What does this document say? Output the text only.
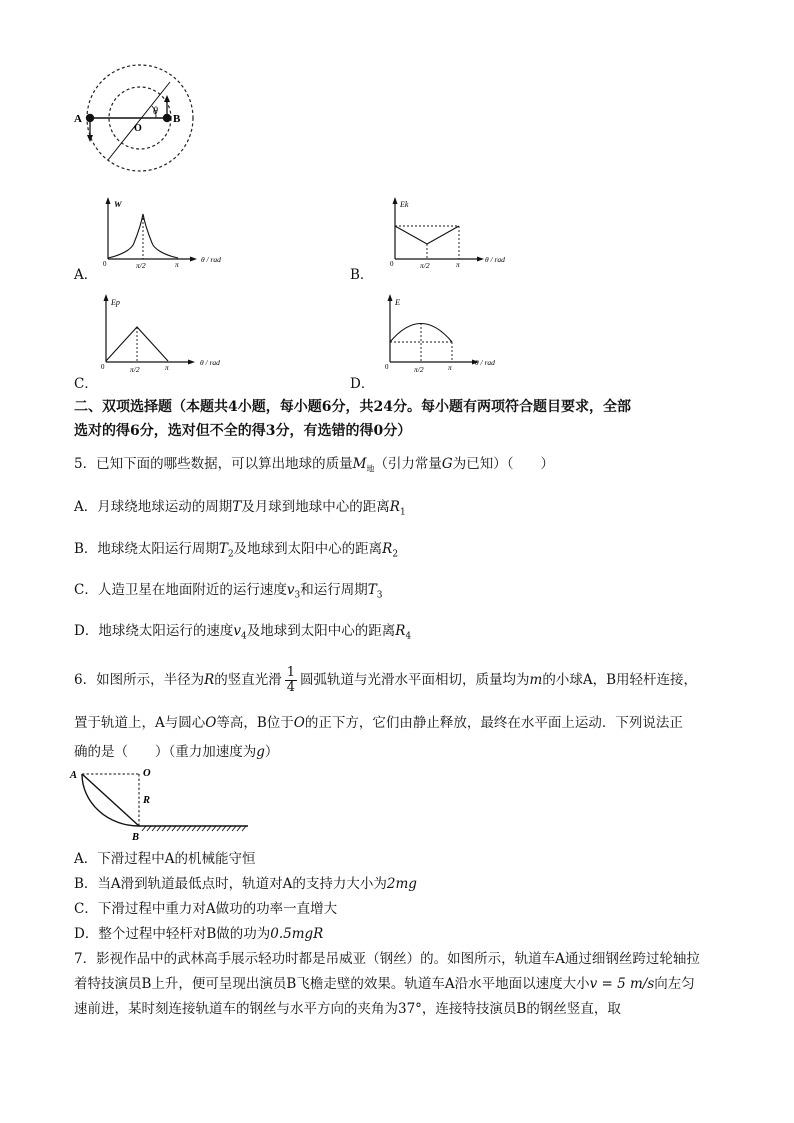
A	B
O
θ
W
0	π/2	π
θ / rad
A．
Ek
0	π/2	π
θ / rad
B．
Ep
0	π/2	π
θ / rad
C．
E
0	π/2	π
θ / rad
D．
二、双项选择题（本题共4小题，每小题6分，共24分。每小题有两项符合题目要求，全部
选对的得6分，选对但不全的得3分，有选错的得0分）
5．已知下面的哪些数据，可以算出地球的质量$M_地$（引力常量G为已知）（　　）
A．月球绕地球运动的周期T及月球到地球中心的距离$R_1$
B．地球绕太阳运行周期$T_2$及地球到太阳中心的距离$R_2$
C．人造卫星在地面附近的运行速度$v_3$和运行周期$T_3$
D．地球绕太阳运行的速度$v_4$及地球到太阳中心的距离$R_4$
6．如图所示，半径为R的竖直光滑 $\frac{1}{4}$ 圆弧轨道与光滑水平面相切，质量均为m的小球A，B用轻杆连接，
置于轨道上，A与圆心O等高，B位于O的正下方，它们由静止释放，最终在水平面上运动．下列说法正
确的是（　　）（重力加速度为g）
A	O
R
B
A．下滑过程中A的机械能守恒
B．当A滑到轨道最低点时，轨道对A的支持力大小为2mg
C．下滑过程中重力对A做功的功率一直增大
D．整个过程中轻杆对B做的功为0.5mgR
7．影视作品中的武林高手展示轻功时都是吊威亚（钢丝）的。如图所示，轨道车A通过细钢丝跨过轮轴拉
着特技演员B上升，便可呈现出演员B飞檐走壁的效果。轨道车A沿水平地面以速度大小v = 5 m/s向左匀
速前进，某时刻连接轨道车的钢丝与水平方向的夹角为37°，连接特技演员B的钢丝竖直，取
